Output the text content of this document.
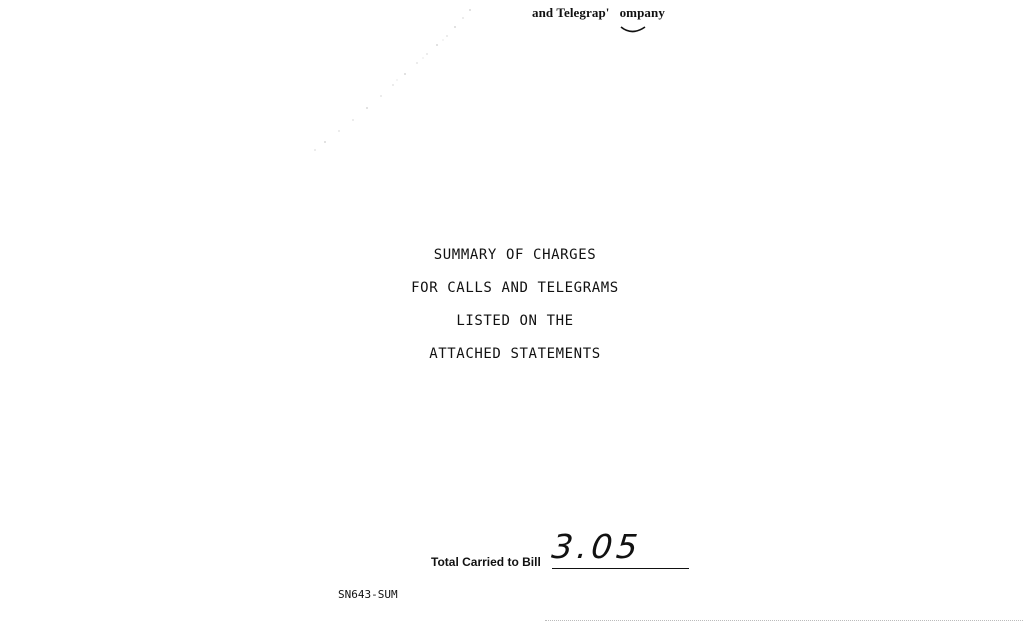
and Telegrap'   ompany
SUMMARY OF CHARGES
FOR CALLS AND TELEGRAMS
LISTED ON THE
ATTACHED STATEMENTS
Total Carried to Bill 3.05
SN643-SUM
